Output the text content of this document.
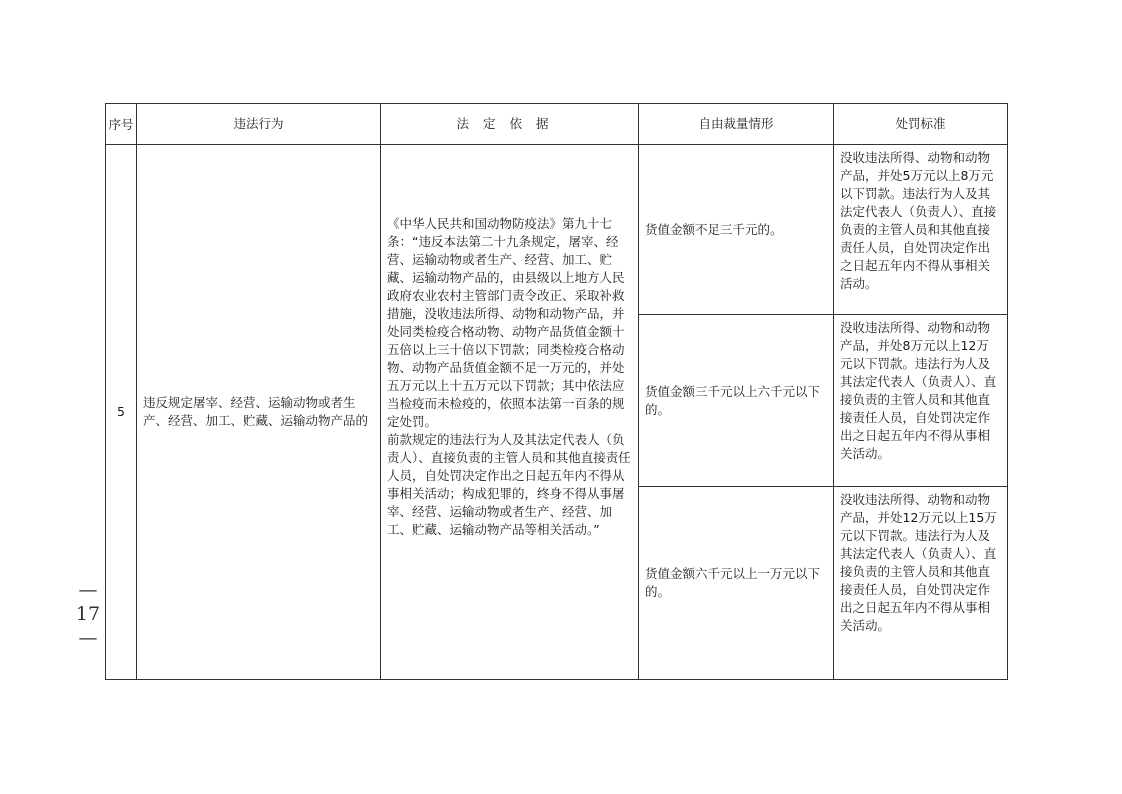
序号	违法行为	法定依据	自由裁量情形	处罚标准
5	违反规定屠宰、经营、运输动物或者生产、经营、加工、贮藏、运输动物产品的	《中华人民共和国动物防疫法》第九十七条：“违反本法第二十九条规定，屠宰、经营、运输动物或者生产、经营、加工、贮藏、运输动物产品的，由县级以上地方人民政府农业农村主管部门责令改正、采取补救措施，没收违法所得、动物和动物产品，并处同类检疫合格动物、动物产品货值金额十五倍以上三十倍以下罚款；同类检疫合格动物、动物产品货值金额不足一万元的，并处五万元以上十五万元以下罚款；其中依法应当检疫而未检疫的，依照本法第一百条的规定处罚。

前款规定的违法行为人及其法定代表人（负责人）、直接负责的主管人员和其他直接责任人员，自处罚决定作出之日起五年内不得从事相关活动；构成犯罪的，终身不得从事屠宰、经营、运输动物或者生产、经营、加工、贮藏、运输动物产品等相关活动。”	货值金额不足三千元的。	没收违法所得、动物和动物产品，并处5万元以上8万元以下罚款。违法行为人及其法定代表人（负责人）、直接负责的主管人员和其他直接责任人员，自处罚决定作出之日起五年内不得从事相关活动。
			货值金额三千元以上六千元以下的。	没收违法所得、动物和动物产品，并处8万元以上12万元以下罚款。违法行为人及其法定代表人（负责人）、直接负责的主管人员和其他直接责任人员，自处罚决定作出之日起五年内不得从事相关活动。
			货值金额六千元以上一万元以下的。	没收违法所得、动物和动物产品，并处12万元以上15万元以下罚款。违法行为人及其法定代表人（负责人）、直接负责的主管人员和其他直接责任人员，自处罚决定作出之日起五年内不得从事相关活动。
— 17 —
